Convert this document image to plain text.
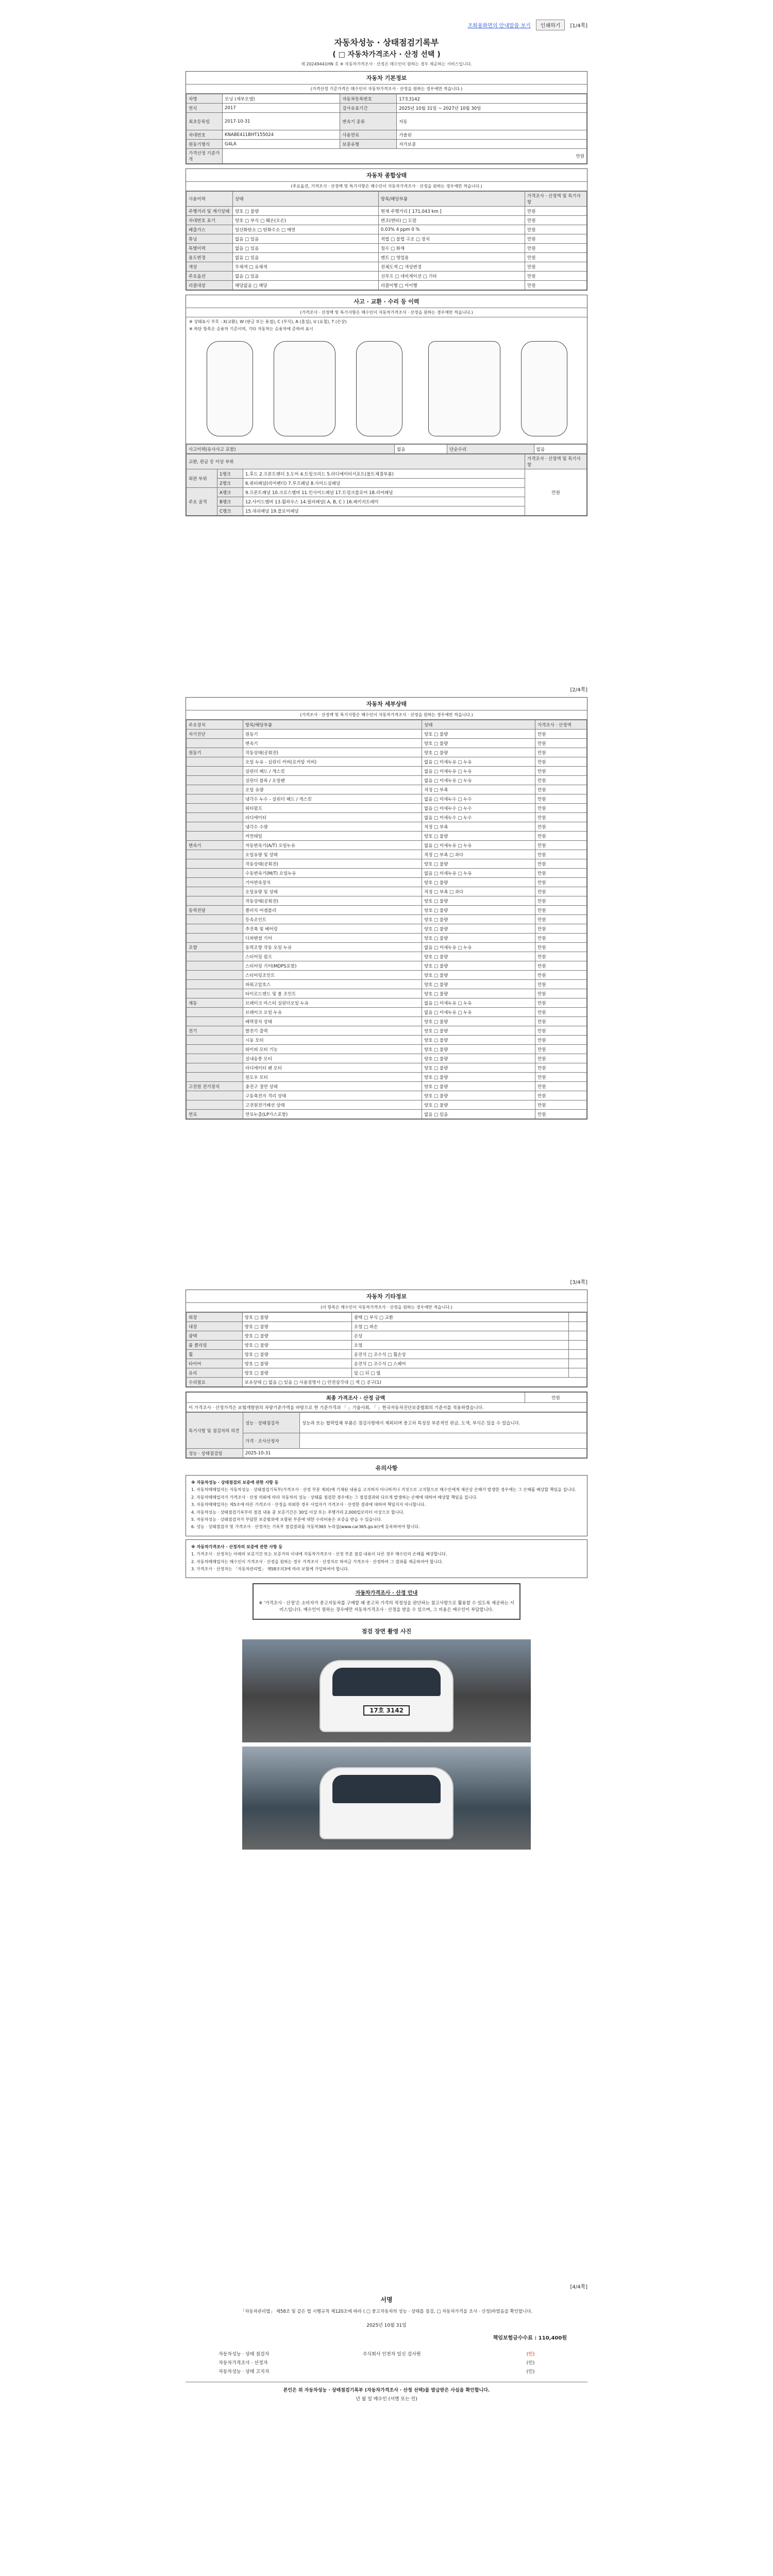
조회용화면의 안내말씀 보기	인쇄하기	[1/4쪽]
자동차성능 · 상태점검기록부
( □ 자동차가격조사 · 산정 선택 )
제 20249441HN 호 ※ 자동차가격조사 · 산정은 매수인이 원하는 경우 제공하는 서비스입니다.
자동차 기본정보
(가격산정 기준가격은 매수인이 자동차가격조사 · 산정을 원하는 경우에만 적습니다.)
차명	모닝 (세부모델)	자동차등록번호	17호3142
연식	2017	검사유효기간	2025년 10월 31일 ~ 2027년 10월 30일
최초등록일	2017-10-31	변속기 종류	자동
차대번호	KNABE411BHT155024	사용연료	가솔린
원동기형식	G4LA	보증유형	자가보증
가격산정 기준가격	만원		
자동차 종합상태
(주요옵션, 가격조사 · 산정액 및 특기사항은 매수인이 자동차가격조사 · 산정을 원하는 경우에만 적습니다.)
사용이력	상태	항목/해당부품	가격조사 · 산정액 및 특기사항
주행거리 및 계기상태	양호 □ 불량	현재 주행거리 [ 171,043 km ]	만원
차대번호 표기	양호 □ 부식 □ 훼손(오손)	변조(변타) □ 도말	만원
배출가스	일산화탄소 □ 탄화수소 □ 매연	0.03% 4 ppm 0 %	만원
튜닝	없음 □ 있음	적법 □ 불법 구조 □ 장치	만원
특별이력	없음 □ 있음	침수 □ 화재	만원
용도변경	없음 □ 있음	렌트 □ 영업용	만원
색상	무채색 □ 유채색	전체도색 □ 색상변경	만원
주요옵션	없음 □ 있음	선루프 □ 네비게이션 □ 기타	만원
리콜대상	해당없음 □ 해당	리콜이행 □ 미이행	만원
사고 · 교환 · 수리 등 이력
(가격조사 · 산정액 및 특기사항은 매수인이 자동차가격조사 · 산정을 원하는 경우에만 적습니다.)
※ 상태표시 부호 : X(교환), W (판금 또는 용접), C (부식), A (흠집), U (요철), T (손상)
※ 하단 항목은 승용차 기준이며, 기타 자동차는 승용차에 준하여 표시
사고이력(유사사고 포함)	없음	단순수리	없음
교환, 판금 등 이상 부위			가격조사 · 산정액 및 특기사항
외판 부위	1랭크	1.후드 2.프론트펜더 3.도어 4.트렁크리드 5.라디에이터서포트(볼트체결부품)	만원
	2랭크	6.쿼터패널(리어펜더) 7.루프패널 8.사이드실패널	
주요 골격	A랭크	9.프론트패널 10.크로스멤버 11.인사이드패널 17.트렁크플로어 18.리어패널	
	B랭크	12.사이드멤버 13.휠하우스 14.필러패널( A, B, C ) 16.패키지트레이	
	C랭크	15.대쉬패널 19.플로어패널	
[2/4쪽]
자동차 세부상태
(가격조사 · 산정액 및 특기사항은 매수인이 자동차가격조사 · 산정을 원하는 경우에만 적습니다.)
주요장치	항목/해당부품	상태	가격조사 · 산정액
자기진단	원동기	양호 □ 불량	만원
	변속기	양호 □ 불량	만원
원동기	작동상태(공회전)	양호 □ 불량	만원
	오일 누유 - 실린더 커버(로커암 커버)	없음 □ 미세누유 □ 누유	만원
	실린더 헤드 / 개스킷	없음 □ 미세누유 □ 누유	만원
	실린더 블록 / 오일팬	없음 □ 미세누유 □ 누유	만원
	오일 유량	적정 □ 부족	만원
	냉각수 누수 - 실린더 헤드 / 개스킷	없음 □ 미세누수 □ 누수	만원
	워터펌프	없음 □ 미세누수 □ 누수	만원
	라디에이터	없음 □ 미세누수 □ 누수	만원
	냉각수 수량	적정 □ 부족	만원
	커먼레일	양호 □ 불량	만원
변속기	자동변속기(A/T) 오일누유	없음 □ 미세누유 □ 누유	만원
	오일유량 및 상태	적정 □ 부족 □ 과다	만원
	작동상태(공회전)	양호 □ 불량	만원
	수동변속기(M/T) 오일누유	없음 □ 미세누유 □ 누유	만원
	기어변속장치	양호 □ 불량	만원
	오일유량 및 상태	적정 □ 부족 □ 과다	만원
	작동상태(공회전)	양호 □ 불량	만원
동력전달	클러치 어셈블리	양호 □ 불량	만원
	등속조인트	양호 □ 불량	만원
	추진축 및 베어링	양호 □ 불량	만원
	디퍼렌셜 기어	양호 □ 불량	만원
조향	동력조향 작동 오일 누유	없음 □ 미세누유 □ 누유	만원
	스티어링 펌프	양호 □ 불량	만원
	스티어링 기어(MDPS포함)	양호 □ 불량	만원
	스티어링조인트	양호 □ 불량	만원
	파워고압호스	양호 □ 불량	만원
	타이로드엔드 및 볼 조인트	양호 □ 불량	만원
제동	브레이크 마스터 실린더오일 누유	없음 □ 미세누유 □ 누유	만원
	브레이크 오일 누유	없음 □ 미세누유 □ 누유	만원
	배력장치 상태	양호 □ 불량	만원
전기	발전기 출력	양호 □ 불량	만원
	시동 모터	양호 □ 불량	만원
	와이퍼 모터 기능	양호 □ 불량	만원
	실내송풍 모터	양호 □ 불량	만원
	라디에이터 팬 모터	양호 □ 불량	만원
	윈도우 모터	양호 □ 불량	만원
고전원 전기장치	충전구 절연 상태	양호 □ 불량	만원
	구동축전지 격리 상태	양호 □ 불량	만원
	고전원전기배선 상태	양호 □ 불량	만원
연료	연료누출(LP가스포함)	없음 □ 있음	만원
[3/4쪽]
자동차 기타정보
(이 항목은 매수인이 자동차가격조사 · 산정을 원하는 경우에만 적습니다.)
외장	양호 □ 불량	광택 □ 부식 □ 교환	
내장	양호 □ 불량	오염 □ 파손	
광택	양호 □ 불량	손상	
룸 클리링	양호 □ 불량	오염	
휠	양호 □ 불량	운전석 □ 조수석 □ 휠손상	
타이어	양호 □ 불량	운전석 □ 조수석 □ 스페어	
유리	양호 □ 불량	앞 □ 뒤 □ 옆	
수리필요	보유상태 □ 없음 □ 있음 □ 사용설명서 □ 안전삼각대 □ 잭 □ 공구(1)		
최종 가격조사 · 산정 금액	만원
이 가격조사 · 산정가격은 보험개발원의 차량기준가액을 바탕으로 한 기준가격과 「 」기술사회, 「 」한국자동차진단보증협회의 기준서를 적용하였습니다.
특기사항 및 점검자의 의견	성능 · 상태점검자	성능과 또는 협력업체 부품은 점검사항에서 제외되며 중고차 특성상 부분적인 판금, 도색, 부식은 있을 수 있습니다.
	가격 · 조사산정자	
성능 · 상태점검일	2025-10-31	
유의사항

※ 자동차성능 · 상태점검의 보증에 관한 사항 등

1. 자동차매매업자는 자동차성능 · 상태점검기록부(가격조사 · 산정 부분 제외)에 기재된 내용을 고지하지 아니하거나 거짓으로 고지함으로 매수인에게 재산상 손해가 발생한 경우에는 그 손해를 배상할 책임을 집니다.

2. 자동차매매업자가 가격조사 · 산정 의뢰에 따라 자동차의 성능 · 상태를 점검한 경우에는 그 점검결과와 다르게 발생하는 손해에 대하여 배상할 책임을 집니다.

3. 자동차매매업자는 제5조에 따른 가격조사 · 산정을 의뢰한 경우 사업자가 가격조사 · 산정한 결과에 대하여 책임지지 아니합니다.

4. 자동차성능 · 상태점검기록부의 점검 내용 중 보증기간은 30일 이상 또는 주행거리 2,000킬로미터 이상으로 합니다.

5. 자동차성능 · 상태점검자가 부담한 보증범위에 포함된 부분에 대한 수리비용은 보증을 받을 수 있습니다.

6. 성능 · 상태점검자 및 가격조사 · 산정자는 기록부 점검결과를 자동차365 누리집(www.car365.go.kr)에 등록하여야 합니다.

※ 자동차가격조사 · 산정자의 보증에 관한 사항 등

1. 가격조사 · 산정자는 아래의 보증기간 또는 보증거리 이내에 자동차가격조사 · 산정 부분 점검 내용이 다른 경우 매수인의 손해를 배상합니다.

2. 자동차매매업자는 매수인이 가격조사 · 산정을 원하는 경우 가격조사 · 산정자로 하여금 가격조사 · 산정하여 그 결과를 제공하여야 합니다.

3. 가격조사 · 산정자는 「자동차관리법」 제58조의3에 따라 보험에 가입하여야 합니다.

자동차가격조사 · 산정 안내
※ '가격조사 · 산정'은 소비자가 중고자동차를 구매할 때 중고차 가격의 적정성을 판단하는 참고사항으로 활용할 수 있도록 제공하는 서비스입니다. 매수인이 원하는 경우에만 자동차가격조사 · 산정을 받을 수 있으며, 그 비용은 매수인이 부담합니다.
점검 장면 촬영 사진
17호 3142
[4/4쪽]
서명
「자동차관리법」 제58조 및 같은 법 시행규칙 제120조에 따라 ( □ 중고자동차의 성능 · 상태를 점검, □ 자동차가격을 조사 · 산정)하였음을 확인합니다.
2025년 10월 31일
책임보험금수수료 : 110,400원
자동차성능 · 상태 점검자	주식회사 인천차 일신 검사원	(인)
자동차가격조사 · 산정자		(인)
자동차성능 · 상태 고지자		(인)
본인은 위 자동차성능 · 상태점검기록부 (자동차가격조사 · 산정 선택)를 발급받은 사실을 확인합니다.
년 월 일 매수인 (서명 또는 인)
